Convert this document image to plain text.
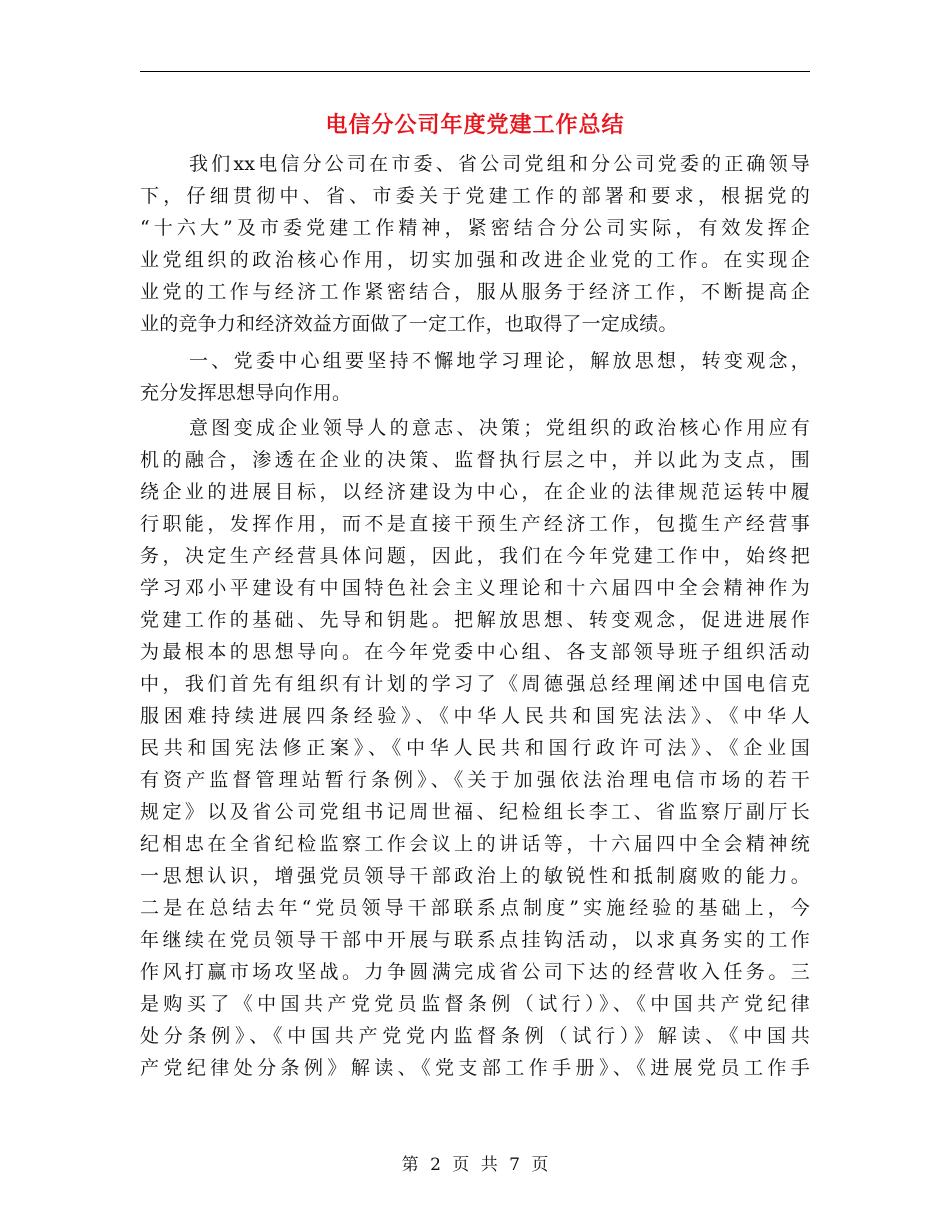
电信分公司年度党建工作总结
我们xx电信分公司在市委、省公司党组和分公司党委的正确领导
下，仔细贯彻中、省、市委关于党建工作的部署和要求，根据党的
“十六大”及市委党建工作精神，紧密结合分公司实际，有效发挥企
业党组织的政治核心作用，切实加强和改进企业党的工作。在实现企
业党的工作与经济工作紧密结合，服从服务于经济工作，不断提高企
业的竞争力和经济效益方面做了一定工作，也取得了一定成绩。
一、党委中心组要坚持不懈地学习理论，解放思想，转变观念，
充分发挥思想导向作用。
意图变成企业领导人的意志、决策；党组织的政治核心作用应有
机的融合，渗透在企业的决策、监督执行层之中，并以此为支点，围
绕企业的进展目标，以经济建设为中心，在企业的法律规范运转中履
行职能，发挥作用，而不是直接干预生产经济工作，包揽生产经营事
务，决定生产经营具体问题，因此，我们在今年党建工作中，始终把
学习邓小平建设有中国特色社会主义理论和十六届四中全会精神作为
党建工作的基础、先导和钥匙。把解放思想、转变观念，促进进展作
为最根本的思想导向。在今年党委中心组、各支部领导班子组织活动
中，我们首先有组织有计划的学习了《周德强总经理阐述中国电信克
服困难持续进展四条经验》、《中华人民共和国宪法法》、《中华人
民共和国宪法修正案》、《中华人民共和国行政许可法》、《企业国
有资产监督管理站暂行条例》、《关于加强依法治理电信市场的若干
规定》以及省公司党组书记周世福、纪检组长李工、省监察厅副厅长
纪相忠在全省纪检监察工作会议上的讲话等，十六届四中全会精神统
一思想认识，增强党员领导干部政治上的敏锐性和抵制腐败的能力。
二是在总结去年“党员领导干部联系点制度”实施经验的基础上，今
年继续在党员领导干部中开展与联系点挂钩活动，以求真务实的工作
作风打赢市场攻坚战。力争圆满完成省公司下达的经营收入任务。三
是购买了《中国共产党党员监督条例（试行）》、《中国共产党纪律
处分条例》、《中国共产党党内监督条例（试行）》解读、《中国共
产党纪律处分条例》解读、《党支部工作手册》、《进展党员工作手
第 2 页 共 7 页
